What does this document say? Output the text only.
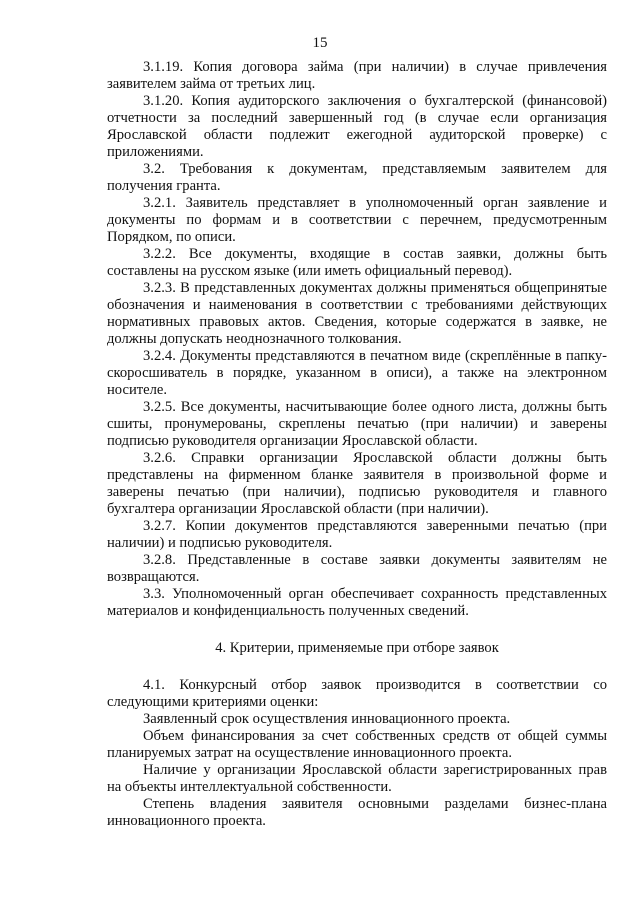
15

3.1.19. Копия договора займа (при наличии) в случае привлечения заявителем займа от третьих лиц.

3.1.20. Копия аудиторского заключения о бухгалтерской (финансовой) отчетности за последний завершенный год (в случае если организация Ярославской области подлежит ежегодной аудиторской проверке) с приложениями.

3.2. Требования к документам, представляемым заявителем для получения гранта.

3.2.1. Заявитель представляет в уполномоченный орган заявление и документы по формам и в соответствии с перечнем, предусмотренным Порядком, по описи.

3.2.2. Все документы, входящие в состав заявки, должны быть составлены на русском языке (или иметь официальный перевод).

3.2.3. В представленных документах должны применяться общепринятые обозначения и наименования в соответствии с требованиями действующих нормативных правовых актов. Сведения, которые содержатся в заявке, не должны допускать неоднозначного толкования.

3.2.4. Документы представляются в печатном виде (скреплённые в папку-скоросшиватель в порядке, указанном в описи), а также на электронном носителе.

3.2.5. Все документы, насчитывающие более одного листа, должны быть сшиты, пронумерованы, скреплены печатью (при наличии) и заверены подписью руководителя организации Ярославской области.

3.2.6. Справки организации Ярославской области должны быть представлены на фирменном бланке заявителя в произвольной форме и заверены печатью (при наличии), подписью руководителя и главного бухгалтера организации Ярославской области (при наличии).

3.2.7. Копии документов представляются заверенными печатью (при наличии) и подписью руководителя.

3.2.8. Представленные в составе заявки документы заявителям не возвращаются.

3.3. Уполномоченный орган обеспечивает сохранность представленных материалов и конфиденциальность полученных сведений.

4. Критерии, применяемые при отборе заявок

4.1. Конкурсный отбор заявок производится в соответствии со следующими критериями оценки:

Заявленный срок осуществления инновационного проекта.

Объем финансирования за счет собственных средств от общей суммы планируемых затрат на осуществление инновационного проекта.

Наличие у организации Ярославской области зарегистрированных прав на объекты интеллектуальной собственности.

Степень владения заявителя основными разделами бизнес-плана инновационного проекта.
